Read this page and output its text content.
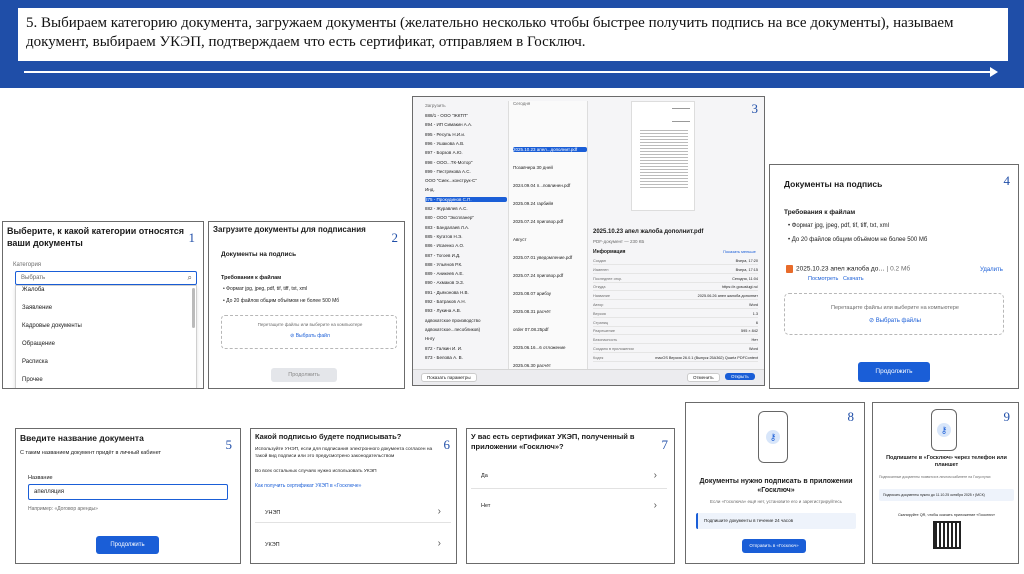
5. Выбираем категорию документа, загружаем документы (желательно несколько чтобы быстрее получить подпись на все документы), называем документ, выбираем УКЭП, подтверждаем что есть сертификат, отправляем в Госключ.
1
Выберите, к какой категории относятся ваши документы
Категория
Выбрать	⌕
Жалоба
Заявление
Кадровые документы
Обращение
Расписка
Прочее
2
Загрузите документы для подписания
Документы на подпись
Требования к файлам
• Формат jpg, jpeg, pdf, tif, tiff, txt, xml
• До 20 файлов общим объёмом не более 500 Мб
Перетащите файлы или выберите на компьютере
⊘ Выбрать файл
Продолжить
3
Загрузить
888/1 - ООО "ЖКТП"
894 - ИП Симакин А.А.
895 - Ресупь Н.И.и.
896 - Ушакова А.В.
897 - Борзов А.Ю.
898 - ООО...ТК-Мотор"
899 - Пестрякова А.С.
ООО "Сиех...конструк-С"
Инд.
875 - Прокудинов С.П.
882 - Журавлев А.С.
880 - ООО "Экспланер"
883 - Бандалаев Л.А.
885 - Кугатов Н.Э.
886 - Исаенко А.О.
887 - Тогоев И.Д.
888 - Ульянов Р.К.
889 - Аникеев А.Е.
890 - Ахмаков Э.З.
891 - Дьяконова Н.В.
892 - Батраков А.Н.
893 - Лукина А.В.
адвокатское производство
адвокатское...песобликов)
Ннгу
872 - Галкин И. И.
873 - Белова А. В.
Сегодня
2025.10.23 апел...дополнит.pdf
Позавчера 30 дней
2024.09.04 п...повлинен.pdf
2025.09.24 гарбийя
2025.07.24 приговор.pdf
Август
2025.07.01 уведомление.pdf
2025.07.24 приговор.pdf
2025.08.07 арибзу
2025.08.31 расчёт
order 07.08.25pdf
2025.06.16...6 отложение
2025.06.30 расчёт
2025.10.23 апел жалоба дополнит.pdf
PDF-документ — 230 КБ
Информация	Показать меньше
Создан	Вчера, 17:20
Изменен	Вчера, 17:15
Последнее откр.	Сегодня, 11:04
Откуда	https://e.gosuslugi.ru/
Название	2025.06.26 апел жалоба дополнит
Автор	Word
Версия	1.3
Страниц	6
Разрешение	595 × 842
Безопасность	Нет
Создано в приложении	Word
Кодек	macOS Версия 26.0.1 (Выпуск 25A362) Quartz PDFContext
Показать параметры	Отменить	Открыть
4
Документы на подпись
Требования к файлам
• Формат jpg, jpeg, pdf, tif, tiff, txt, xml
• До 20 файлов общим объёмом не более 500 Мб
2025.10.23 апел жалоба до… | 0.2 Мб
Посмотреть Скачать
Удалить
Перетащите файлы или выберите на компьютере
⊘ Выбрать файлы
Продолжить
5
Введите название документа
С таким названием документ придёт в личный кабинет
Название
апелляция
Например: «Договор аренды»
Продолжить
6
Какой подписью будете подписывать?
Используйте УНЭП, если для подписания электронного документа согласен на такой вид подписи или это предусмотрено законодательством
Во всех остальных случаях нужно использовать УКЭП
Как получить сертификат УКЭП в «Госключе»
УНЭП	›
УКЭП	›
7
У вас есть сертификат УКЭП, полученный в приложении «Госключ»?
Да	›
Нет	›
8
⚷
Документы нужно подписать в приложении «Госключ»
Если «Госключа» ещё нет, установите его и зарегистрируйтесь
Подпишите документы в течение 24 часов
Отправить в «Госключ»
9
⚷
Подпишите в «Госключ» через телефон или планшет
Подписанные документы появятся в личном кабинете на Госуслугах
Подписать документы нужно до 11.10.25 октября 2025 г (МСК)
Сканируйте QR, чтобы скачать приложение «Госключ»
